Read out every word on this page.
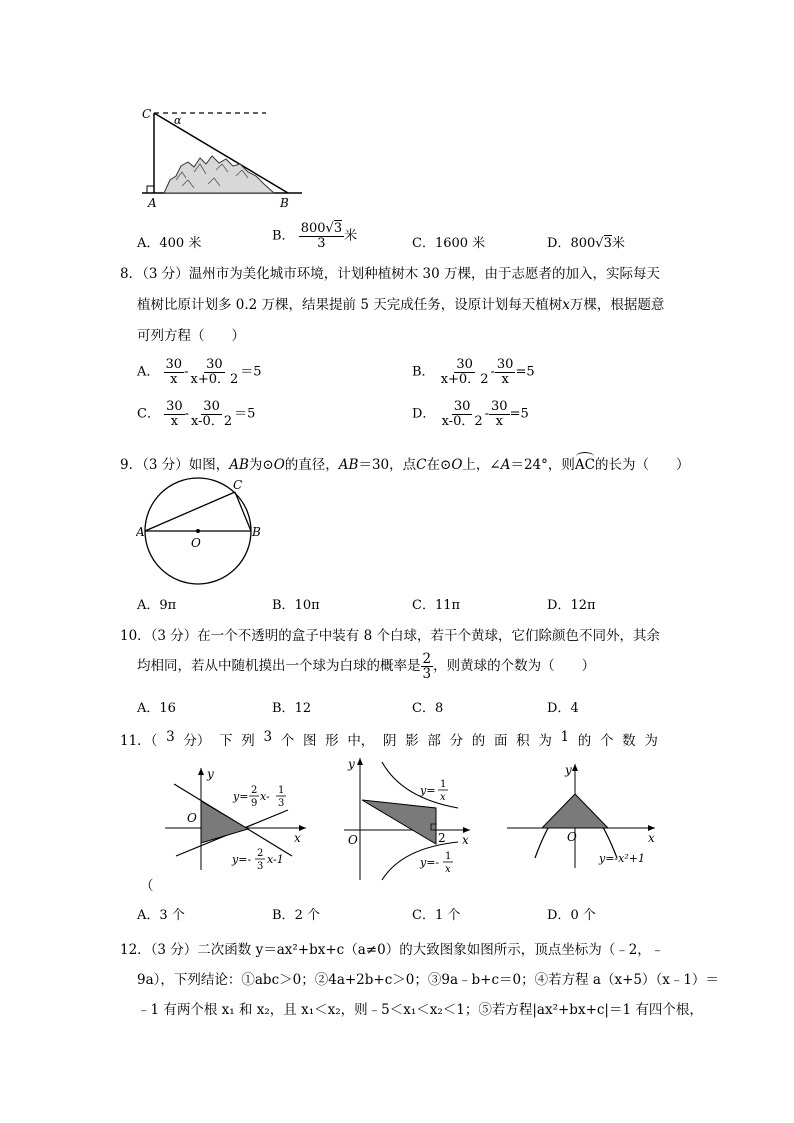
C α
A	B
A．400 米	B． $\frac{800√3}{3}$ 米	C．1600 米	D．800√3米
8．（3 分）温州市为美化城市环境，计划种植树木 30 万棵，由于志愿者的加入，实际每天
植树比原计划多 0.2 万棵，结果提前 5 天完成任务，设原计划每天植树x万棵，根据题意
可列方程（　　）
A． $\frac{30}{x} - \frac{30}{x+0.2} =5$	B． $\frac{30}{x+0.2} - \frac{30}{x} =5$
C． $\frac{30}{x} - \frac{30}{x-0.2} =5$	D． $\frac{30}{x-0.2} - \frac{30}{x} =5$
9．（3 分）如图，AB为⊙O的直径，AB＝30，点C在⊙O上，∠A＝24°，则AC的长为（　　）
A	B
C
O
A．9π	B．10π	C．11π	D．12π
10．（3 分）在一个不透明的盒子中装有 8 个白球，若干个黄球，它们除颜色不同外，其余
均相同，若从中随机摸出一个球为白球的概率是 $\frac{2}{3}$ ，则黄球的个数为（　　）
A．16	B．12	C．8	D．4
11．（ 3 分） 下 列 3 个 图 形 中， 阴 影 部 分 的 面 积 为 1 的 个 数 为
y
x
O
y= 2
9
x- 1
3
y=- 2
3
x-1
y
x
O	2
y= 1
x
y=- 1
x
y
x
O
y=-x²+1
（
A．3 个	B．2 个	C．1 个	D．0 个
12．（3 分）二次函数 y＝ax²+bx+c（a≠0）的大致图象如图所示，顶点坐标为（﹣2，﹣
9a），下列结论：①abc＞0；②4a+2b+c＞0；③9a﹣b+c＝0；④若方程 a（x+5）（x﹣1）＝
﹣1 有两个根 x₁ 和 x₂，且 x₁＜x₂，则﹣5＜x₁＜x₂＜1；⑤若方程|ax²+bx+c|＝1 有四个根，
